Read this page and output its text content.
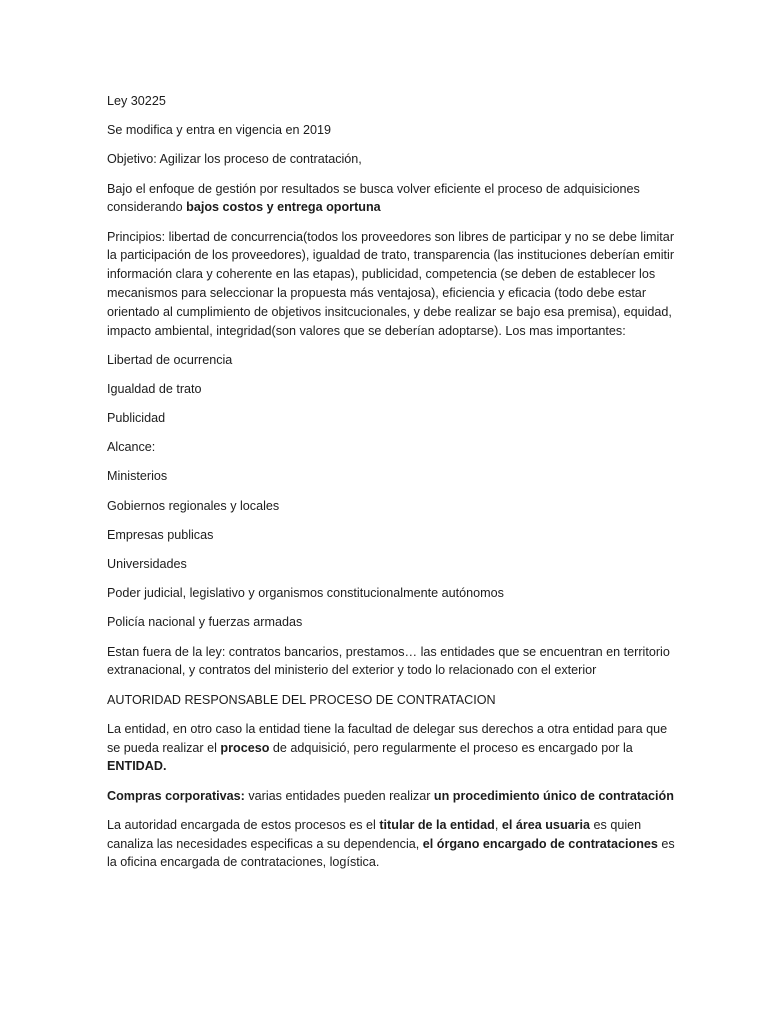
Ley 30225

Se modifica y entra en vigencia en 2019

Objetivo: Agilizar los proceso de contratación,

Bajo el enfoque de gestión por resultados se busca volver eficiente el proceso de adquisiciones considerando bajos costos y entrega oportuna

Principios: libertad de concurrencia(todos los proveedores son libres de participar y no se debe limitar la participación de los proveedores), igualdad de trato, transparencia (las instituciones deberían emitir información clara y coherente en las etapas), publicidad, competencia (se deben de establecer los mecanismos para seleccionar la propuesta más ventajosa), eficiencia y eficacia (todo debe estar orientado al cumplimiento de objetivos insitcucionales, y debe realizar se bajo esa premisa), equidad, impacto ambiental, integridad(son valores que se deberían adoptarse). Los mas importantes:

Libertad de ocurrencia

Igualdad de trato

Publicidad

Alcance:

Ministerios

Gobiernos regionales y locales

Empresas publicas

Universidades

Poder judicial, legislativo y organismos constitucionalmente autónomos

Policía nacional y fuerzas armadas

Estan fuera de la ley: contratos bancarios, prestamos… las entidades que se encuentran en territorio extranacional, y contratos del ministerio del exterior y todo lo relacionado con el exterior

AUTORIDAD RESPONSABLE DEL PROCESO DE CONTRATACION

La entidad, en otro caso la entidad tiene la facultad de delegar sus derechos a otra entidad para que se pueda realizar el proceso de adquisició, pero regularmente el proceso es encargado por la ENTIDAD.

Compras corporativas: varias entidades pueden realizar un procedimiento único de contratación

La autoridad encargada de estos procesos es el titular de la entidad, el área usuaria es quien canaliza las necesidades especificas a su dependencia, el órgano encargado de contrataciones es la oficina encargada de contrataciones, logística.
